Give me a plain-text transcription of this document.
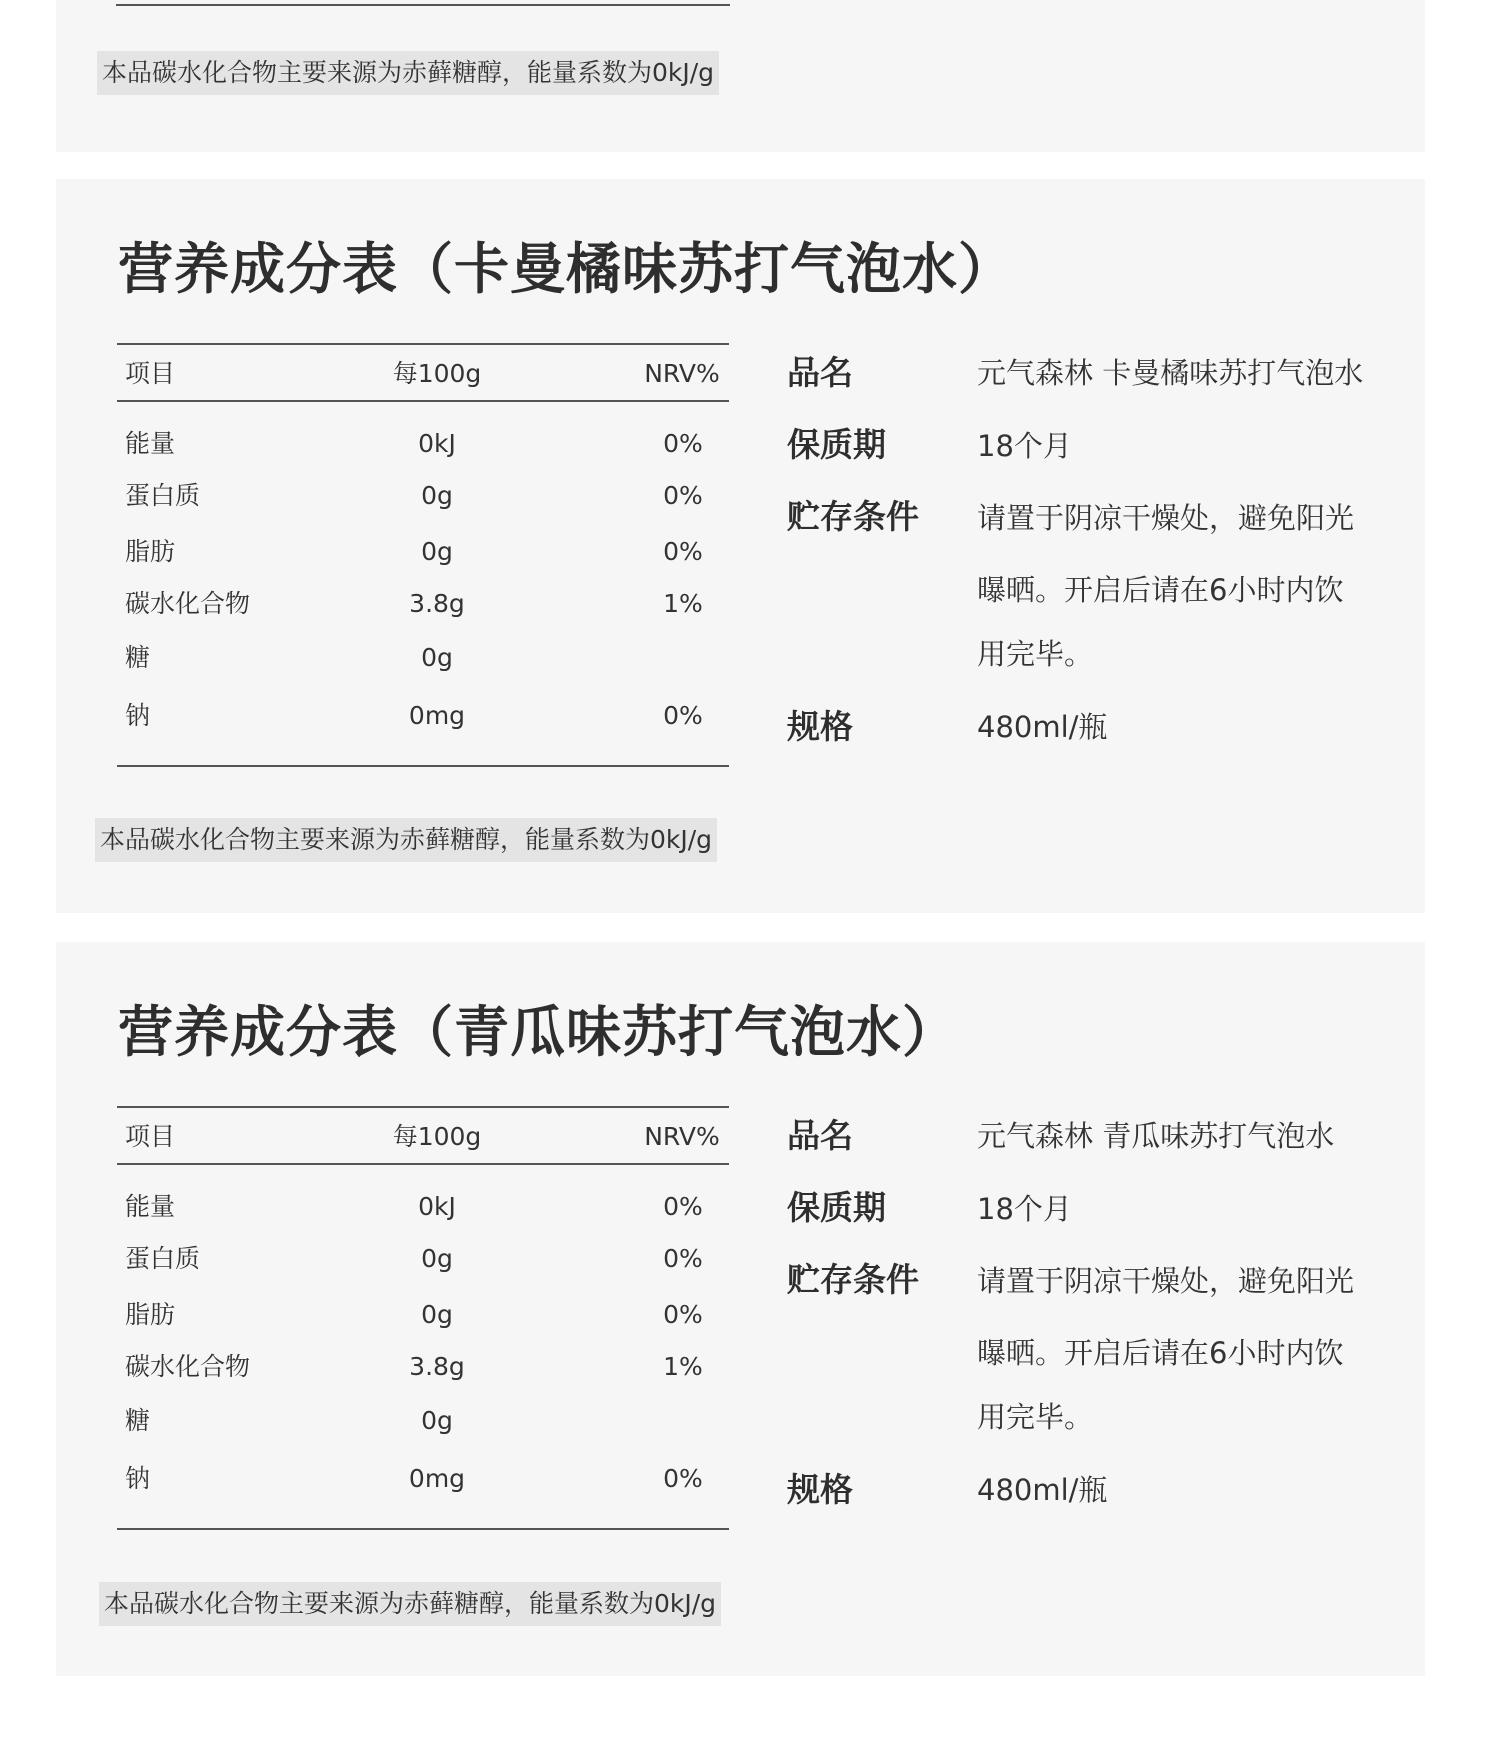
本品碳水化合物主要来源为赤藓糖醇，能量系数为0kJ/g
营养成分表（卡曼橘味苏打气泡水）
项目	每100g	NRV%
能量	0kJ	0%
蛋白质	0g	0%
脂肪	0g	0%
碳水化合物	3.8g	1%
糖	0g
钠	0mg	0%
品名	元气森林 卡曼橘味苏打气泡水
保质期	18个月
贮存条件 请置于阴凉干燥处，避免阳光
曝晒。开启后请在6小时内饮
用完毕。
规格	480ml/瓶
本品碳水化合物主要来源为赤藓糖醇，能量系数为0kJ/g
营养成分表（青瓜味苏打气泡水）
项目	每100g	NRV%
能量	0kJ	0%
蛋白质	0g	0%
脂肪	0g	0%
碳水化合物	3.8g	1%
糖	0g
钠	0mg	0%
品名	元气森林 青瓜味苏打气泡水
保质期	18个月
贮存条件 请置于阴凉干燥处，避免阳光
曝晒。开启后请在6小时内饮
用完毕。
规格	480ml/瓶
本品碳水化合物主要来源为赤藓糖醇，能量系数为0kJ/g
